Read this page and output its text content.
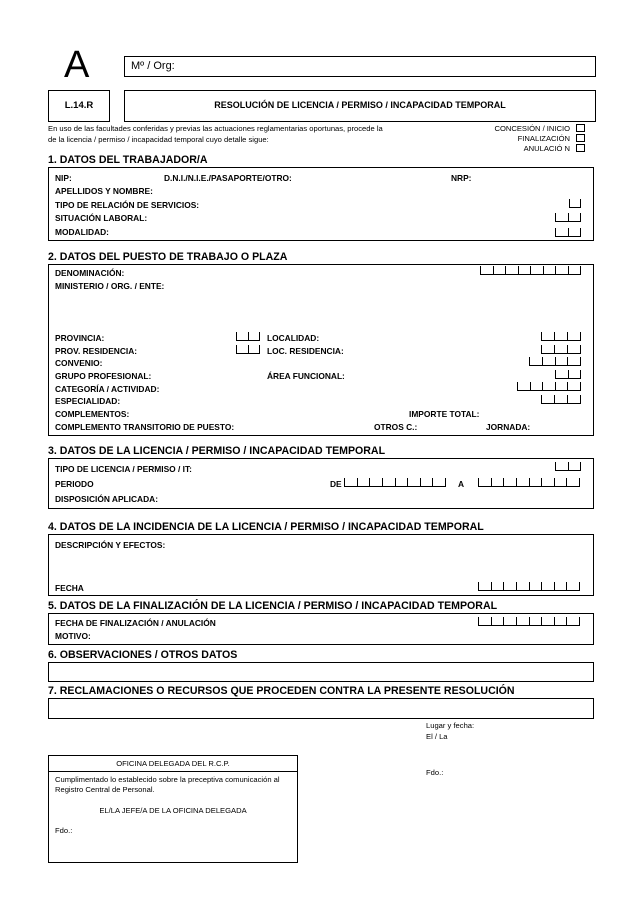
A	Mº / Org:
L.14.R	RESOLUCIÓN DE LICENCIA / PERMISO / INCAPACIDAD TEMPORAL
En uso de las facultades conferidas y previas las actuaciones reglamentarias oportunas, procede la
de la licencia / permiso / incapacidad temporal cuyo detalle sigue:
CONCESIÓN / INICIO
FINALIZACIÓN
ANULACIÓ N
1. DATOS DEL TRABAJADOR/A
NIP:	D.N.I./N.I.E./PASAPORTE/OTRO:	NRP:
APELLIDOS Y NOMBRE:
TIPO DE RELACIÓN DE SERVICIOS:
SITUACIÓN LABORAL:
MODALIDAD:
2. DATOS DEL PUESTO DE TRABAJO O PLAZA
DENOMINACIÓN:
MINISTERIO / ORG. / ENTE:
PROVINCIA:	LOCALIDAD:
PROV. RESIDENCIA:	LOC. RESIDENCIA:
CONVENIO:
GRUPO PROFESIONAL:	ÁREA FUNCIONAL:
CATEGORÍA / ACTIVIDAD:
ESPECIALIDAD:
COMPLEMENTOS:	IMPORTE TOTAL:
COMPLEMENTO TRANSITORIO DE PUESTO:	OTROS C.:	JORNADA:
3. DATOS DE LA LICENCIA / PERMISO / INCAPACIDAD TEMPORAL
TIPO DE LICENCIA / PERMISO / IT:
PERIODO	DE	A
DISPOSICIÓN APLICADA:
4. DATOS DE LA INCIDENCIA DE LA LICENCIA / PERMISO / INCAPACIDAD TEMPORAL
DESCRIPCIÓN Y EFECTOS:
FECHA
5. DATOS DE LA FINALIZACIÓN DE LA LICENCIA / PERMISO / INCAPACIDAD TEMPORAL
FECHA DE FINALIZACIÓN / ANULACIÓN
MOTIVO:
6. OBSERVACIONES / OTROS DATOS
7. RECLAMACIONES O RECURSOS QUE PROCEDEN CONTRA LA PRESENTE RESOLUCIÓN
Lugar y fecha:
El / La
Fdo.:
OFICINA DELEGADA DEL R.C.P.
Cumplimentado lo establecido sobre la preceptiva comunicación al
Registro Central de Personal.
EL/LA JEFE/A DE LA OFICINA DELEGADA
Fdo.:
